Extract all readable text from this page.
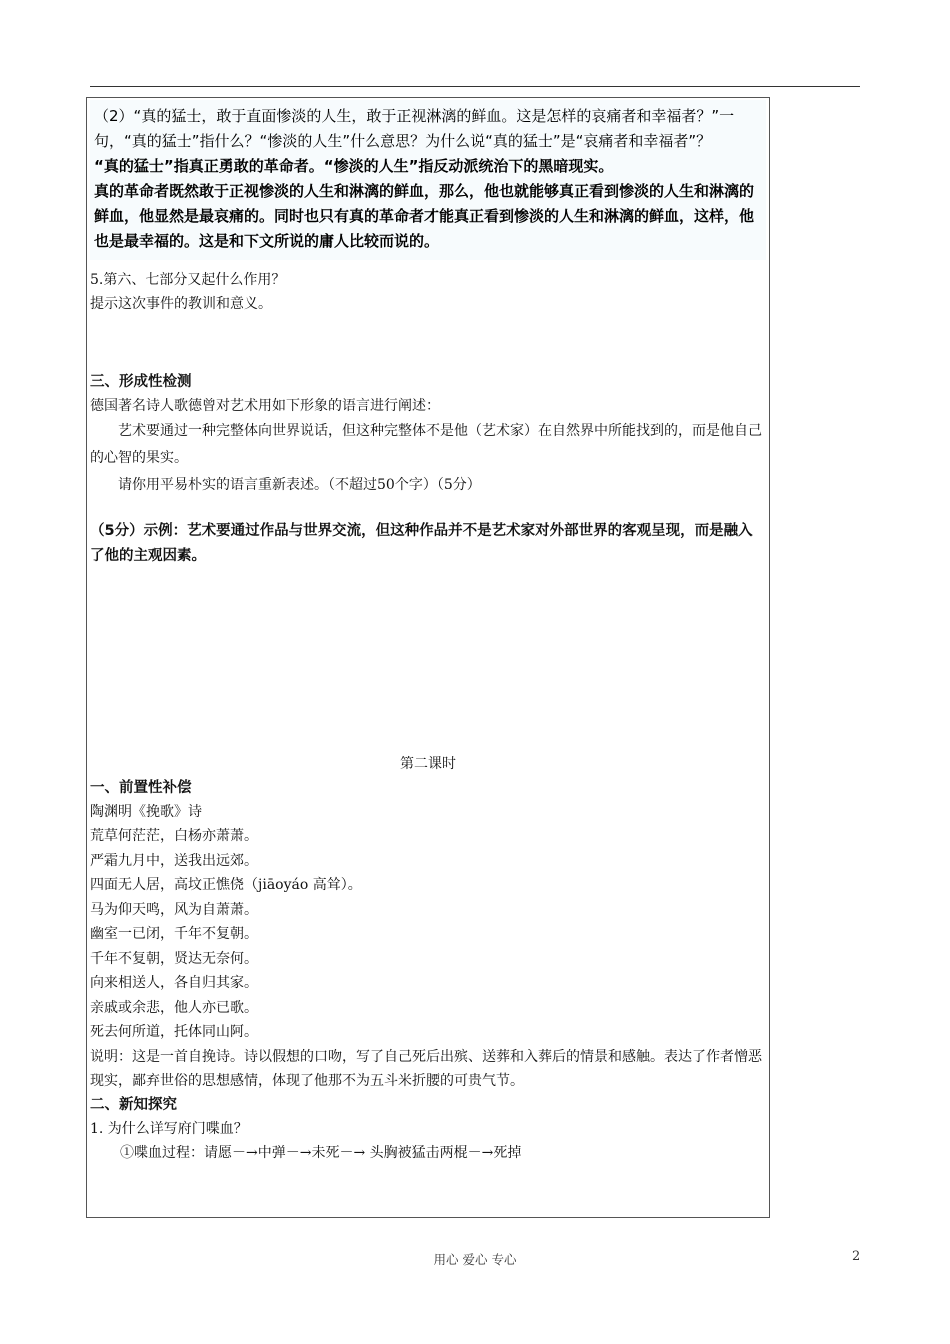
（2）“真的猛士，敢于直面惨淡的人生，敢于正视淋漓的鲜血。这是怎样的哀痛者和幸福者？”一句，“真的猛士”指什么？“惨淡的人生”什么意思？为什么说“真的猛士”是“哀痛者和幸福者”？

“真的猛士”指真正勇敢的革命者。“惨淡的人生”指反动派统治下的黑暗现实。

真的革命者既然敢于正视惨淡的人生和淋漓的鲜血，那么，他也就能够真正看到惨淡的人生和淋漓的鲜血，他显然是最哀痛的。同时也只有真的革命者才能真正看到惨淡的人生和淋漓的鲜血，这样，他也是最幸福的。这是和下文所说的庸人比较而说的。

5.第六、七部分又起什么作用？

提示这次事件的教训和意义。

三、形成性检测

德国著名诗人歌德曾对艺术用如下形象的语言进行阐述：

艺术要通过一种完整体向世界说话，但这种完整体不是他（艺术家）在自然界中所能找到的，而是他自己的心智的果实。

请你用平易朴实的语言重新表述。（不超过50个字）（5分）

（5分）示例：艺术要通过作品与世界交流，但这种作品并不是艺术家对外部世界的客观呈现，而是融入了他的主观因素。

第二课时

一、前置性补偿

陶渊明《挽歌》诗

荒草何茫茫，白杨亦萧萧。

严霜九月中，送我出远郊。

四面无人居，高坟正憔侥（jiāoyáo 高耸）。

马为仰天鸣，风为自萧萧。

幽室一已闭，千年不复朝。

千年不复朝，贤达无奈何。

向来相送人，各自归其家。

亲戚或余悲，他人亦已歌。

死去何所道，托体同山阿。

说明：这是一首自挽诗。诗以假想的口吻，写了自己死后出殡、送葬和入葬后的情景和感触。表达了作者憎恶现实，鄙弃世俗的思想感情，体现了他那不为五斗米折腰的可贵气节。

二、新知探究

1. 为什么详写府门喋血？

①喋血过程：请愿－→中弹－→未死－→ 头胸被猛击两棍－→死掉

用心 爱心 专心	2
